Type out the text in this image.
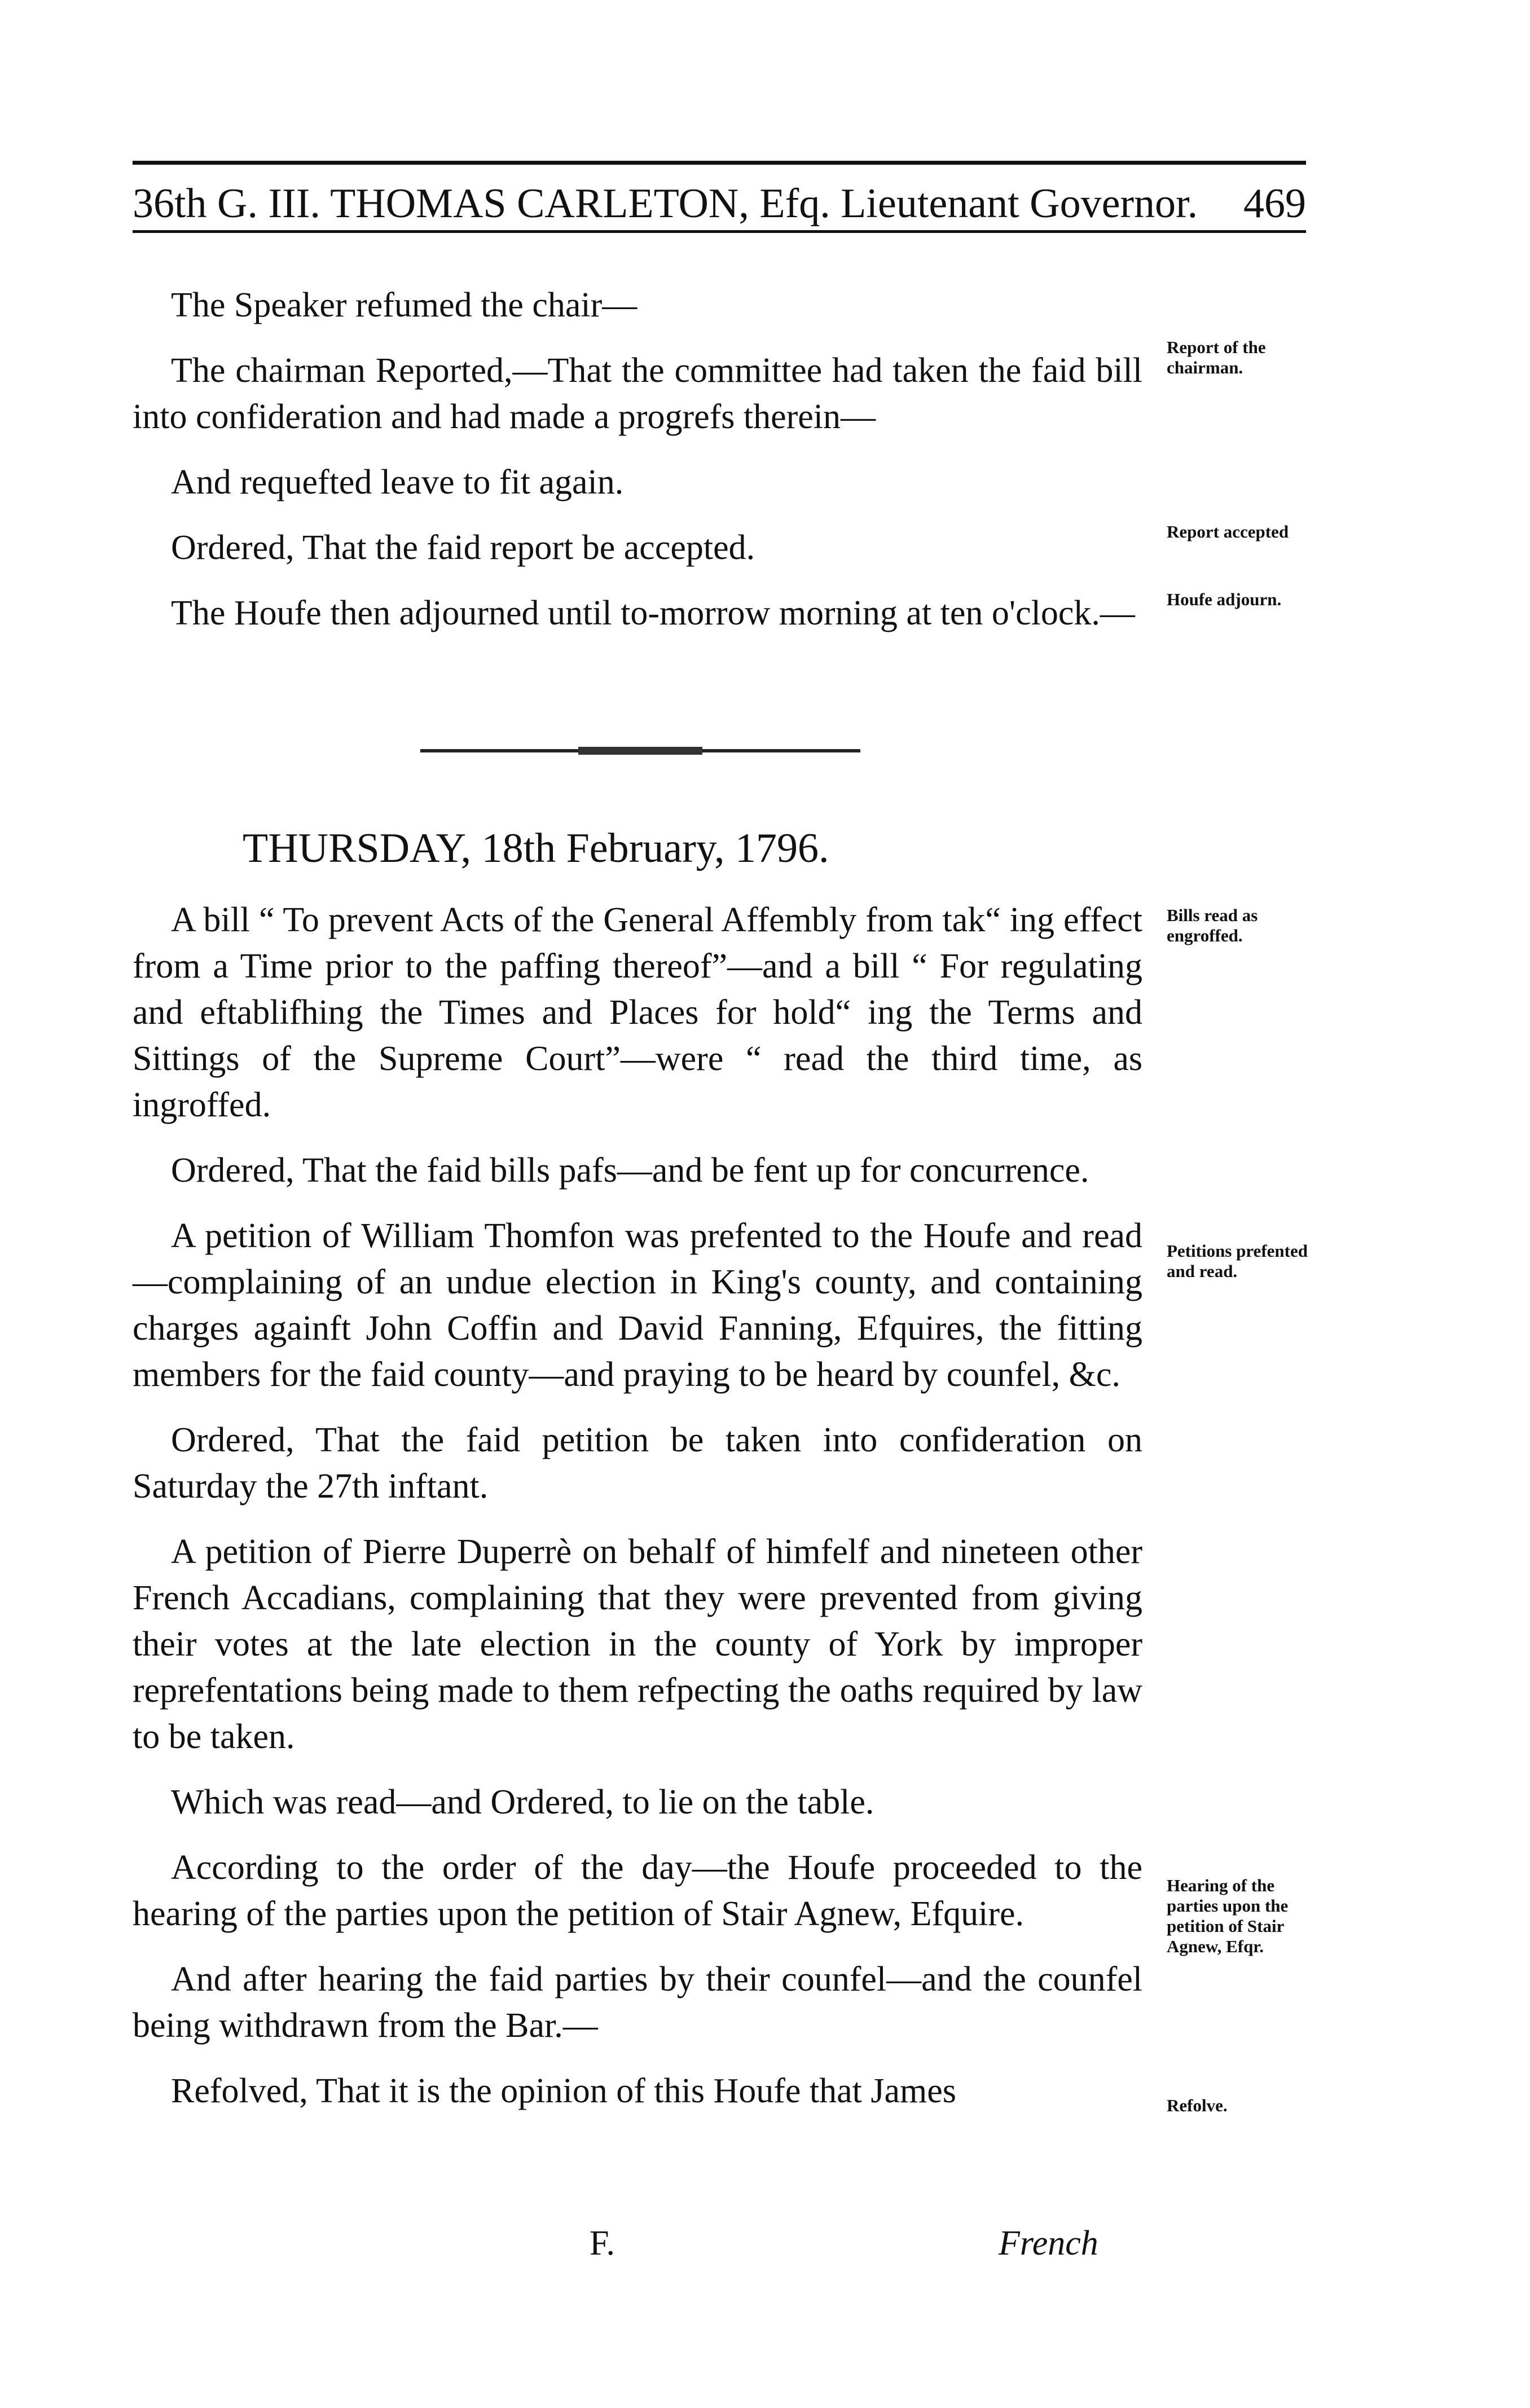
36th G. III. THOMAS CARLETON, Efq. Lieutenant Governor. 469

The Speaker refumed the chair—

The chairman Reported,—That the committee had taken the faid bill into confideration and had made a progrefs therein—

And requefted leave to fit again.

Ordered, That the faid report be accepted.

The Houfe then adjourned until to-morrow morning at ten o'clock.—

THURSDAY, 18th February, 1796.

A bill “ To prevent Acts of the General Affembly from tak“ ing effect from a Time prior to the paffing thereof”—and a bill “ For regulating and eftablifhing the Times and Places for hold“ ing the Terms and Sittings of the Supreme Court”—were “ read the third time, as ingroffed.

Ordered, That the faid bills pafs—and be fent up for concurrence.

A petition of William Thomfon was prefented to the Houfe and read—complaining of an undue election in King's county, and containing charges againft John Coffin and David Fanning, Efquires, the fitting members for the faid county—and praying to be heard by counfel, &c.

Ordered, That the faid petition be taken into confideration on Saturday the 27th inftant.

A petition of Pierre Duperrè on behalf of himfelf and nineteen other French Accadians, complaining that they were prevented from giving their votes at the late election in the county of York by improper reprefentations being made to them refpecting the oaths required by law to be taken.

Which was read—and Ordered, to lie on the table.

According to the order of the day—the Houfe proceeded to the hearing of the parties upon the petition of Stair Agnew, Efquire.

And after hearing the faid parties by their counfel—and the counfel being withdrawn from the Bar.—

Refolved, That it is the opinion of this Houfe that James

F.	French
Report of the chairman.
Report accepted
Houfe adjourn.
Bills read as engroffed.
Petitions prefented and read.
Hearing of the parties upon the petition of Stair Agnew, Efqr.
Refolve.
